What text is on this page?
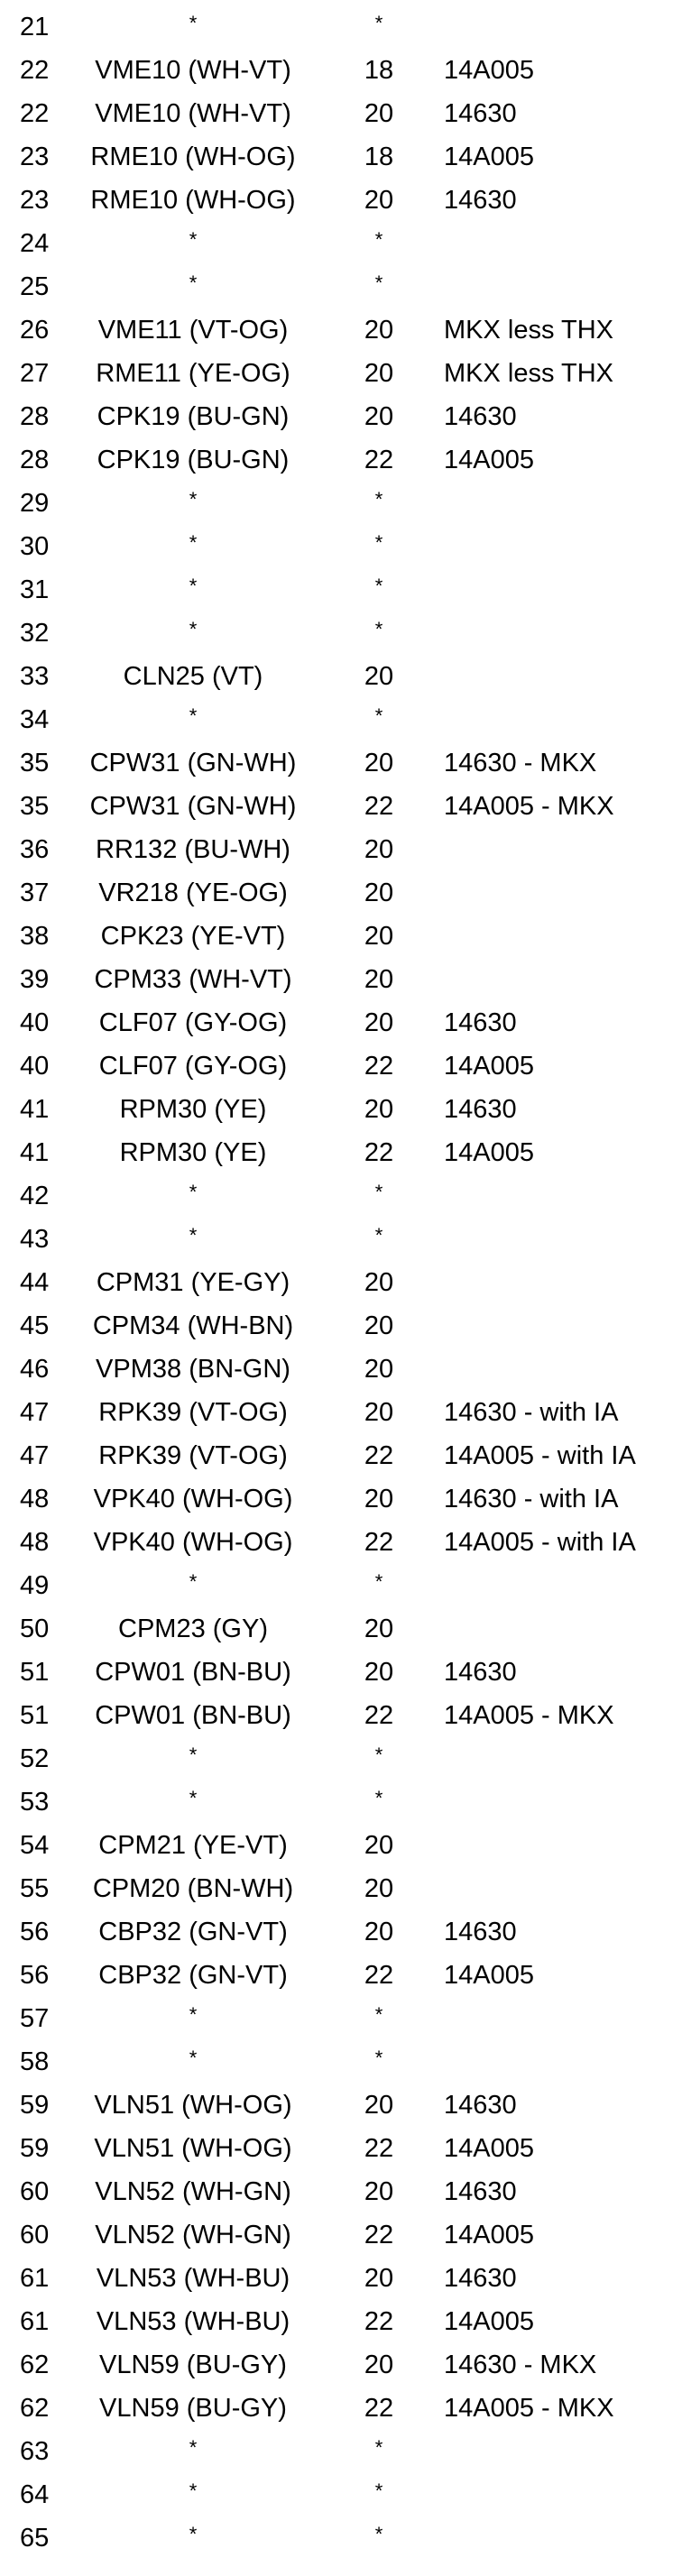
21	*	*
22	VME10 (WH-VT)	18	14A005
22	VME10 (WH-VT)	20	14630
23	RME10 (WH-OG)	18	14A005
23	RME10 (WH-OG)	20	14630
24	*	*
25	*	*
26	VME11 (VT-OG)	20	MKX less THX
27	RME11 (YE-OG)	20	MKX less THX
28	CPK19 (BU-GN)	20	14630
28	CPK19 (BU-GN)	22	14A005
29	*	*
30	*	*
31	*	*
32	*	*
33	CLN25 (VT)	20
34	*	*
35	CPW31 (GN-WH)	20	14630 - MKX
35	CPW31 (GN-WH)	22	14A005 - MKX
36	RR132 (BU-WH)	20
37	VR218 (YE-OG)	20
38	CPK23 (YE-VT)	20
39	CPM33 (WH-VT)	20
40	CLF07 (GY-OG)	20	14630
40	CLF07 (GY-OG)	22	14A005
41	RPM30 (YE)	20	14630
41	RPM30 (YE)	22	14A005
42	*	*
43	*	*
44	CPM31 (YE-GY)	20
45	CPM34 (WH-BN)	20
46	VPM38 (BN-GN)	20
47	RPK39 (VT-OG)	20	14630 - with IA
47	RPK39 (VT-OG)	22	14A005 - with IA
48	VPK40 (WH-OG)	20	14630 - with IA
48	VPK40 (WH-OG)	22	14A005 - with IA
49	*	*
50	CPM23 (GY)	20
51	CPW01 (BN-BU)	20	14630
51	CPW01 (BN-BU)	22	14A005 - MKX
52	*	*
53	*	*
54	CPM21 (YE-VT)	20
55	CPM20 (BN-WH)	20
56	CBP32 (GN-VT)	20	14630
56	CBP32 (GN-VT)	22	14A005
57	*	*
58	*	*
59	VLN51 (WH-OG)	20	14630
59	VLN51 (WH-OG)	22	14A005
60	VLN52 (WH-GN)	20	14630
60	VLN52 (WH-GN)	22	14A005
61	VLN53 (WH-BU)	20	14630
61	VLN53 (WH-BU)	22	14A005
62	VLN59 (BU-GY)	20	14630 - MKX
62	VLN59 (BU-GY)	22	14A005 - MKX
63	*	*
64	*	*
65	*	*
